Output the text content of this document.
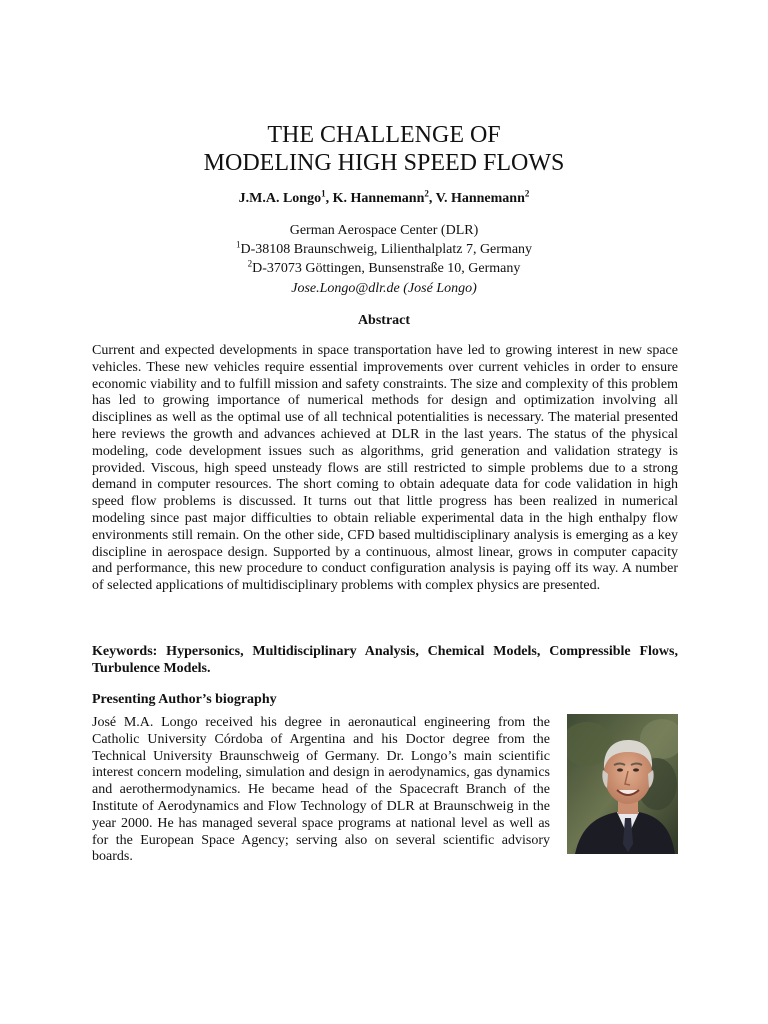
THE CHALLENGE OF
MODELING HIGH SPEED FLOWS
J.M.A. Longo$^1$, K. Hannemann$^2$, V. Hannemann$^2$
German Aerospace Center (DLR)
$^1$D-38108 Braunschweig, Lilienthalplatz 7, Germany
$^2$D-37073 Göttingen, Bunsenstraße 10, Germany
Jose.Longo@dlr.de (José Longo)
Abstract

Current and expected developments in space transportation have led to growing interest in new space vehicles. These new vehicles require essential improvements over current vehicles in order to ensure economic viability and to fulfill mission and safety constraints. The size and complexity of this problem has led to growing importance of numerical methods for design and optimization involving all disciplines as well as the optimal use of all technical potentialities is necessary. The material presented here reviews the growth and advances achieved at DLR in the last years. The status of the physical modeling, code development issues such as algorithms, grid generation and validation strategy is provided. Viscous, high speed unsteady flows are still restricted to simple problems due to a strong demand in computer resources. The short coming to obtain adequate data for code validation in high speed flow problems is discussed. It turns out that little progress has been realized in numerical modeling since past major difficulties to obtain reliable experimental data in the high enthalpy flow environments still remain. On the other side, CFD based multidisciplinary analysis is emerging as a key discipline in aerospace design. Supported by a continuous, almost linear, grows in computer capacity and performance, this new procedure to conduct configuration analysis is paying off its way. A number of selected applications of multidisciplinary problems with complex physics are presented.

Keywords: Hypersonics, Multidisciplinary Analysis, Chemical Models, Compressible Flows, Turbulence Models.

Presenting Author’s biography

José M.A. Longo received his degree in aeronautical engineering from the Catholic University Córdoba of Argentina and his Doctor degree from the Technical University Braunschweig of Germany. Dr. Longo’s main scientific interest concern modeling, simulation and design in aerodynamics, gas dynamics and aerothermodynamics. He became head of the Spacecraft Branch of the Institute of Aerodynamics and Flow Technology of DLR at Braunschweig in the year 2000. He has managed several space programs at national level as well as for the European Space Agency; serving also on several scientific advisory boards.
